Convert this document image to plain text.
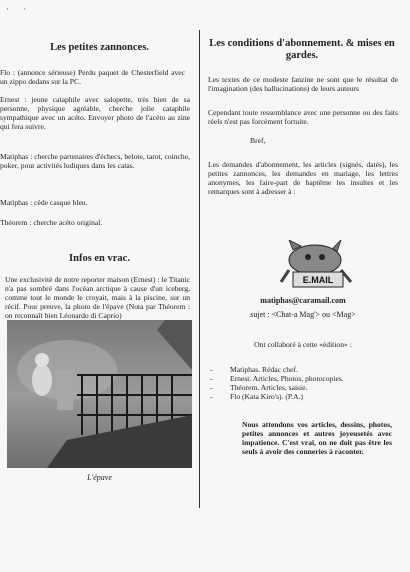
· ·

Les petites zannonces.

Flo : (annonce sérieuse) Perdu paquet de Chesterfield avec un zippo dedans sur la PC.

Ernest : jeune cataphile avec salopette, très bien de sa personne, physique agréable, cherche jolie cataphile sympathique avec un acéto. Envoyer photo de l'acéto au zine qui fera suivre.

Matiphas : cherche partenaires d'échecs, belote, tarot, coinche, poker, pour activités ludiques dans les catas.

Matiphas : cède casque bleu.

Théorem : cherche acéto original.

Infos en vrac.

Une exclusivité de notre reporter maison (Ernest) : le Titanic n'a pas sombré dans l'océan arctique à cause d'un iceberg, comme tout le monde le croyait, mais à la piscine, sur un récif. Pour preuve, la photo de l'épave (Nota par Théorem : on reconnaît bien Léonardo di Caprio)

L'épave

Les conditions d'abonnement. & mises en gardes.

Les textes de ce modeste fanzine ne sont que le résultat de l'imagination (des hallucinations) de leurs auteurs

Cependant toute ressemblance avec une personne ou des faits réels n'est pas forcément fortuite.

Bref,

Les demandes d'abonnement, les articles (signés, datés), les petites zannonces, les demandes en mariage, les lettres anonymes, les faire-part de baptême les insultes et les remarques sont à adresser à :

E.MAIL
matiphas@caramail.com
sujet : <Chat-a Mag'> ou <Mag>
Ont collaboré à cette «édition» :
- Matiphas. Rédac chef.
- Ernest. Articles, Photos, photocopies.
- Théorem. Articles, saisie.
- Flo (Kata Kiro's). (P.A.)
Nous attendons vos articles, dessins, photos, petites annonces et autres joyeusetés avec impatience. C'est vrai, on ne doit pas être les seuls à avoir des conneries à raconter.
